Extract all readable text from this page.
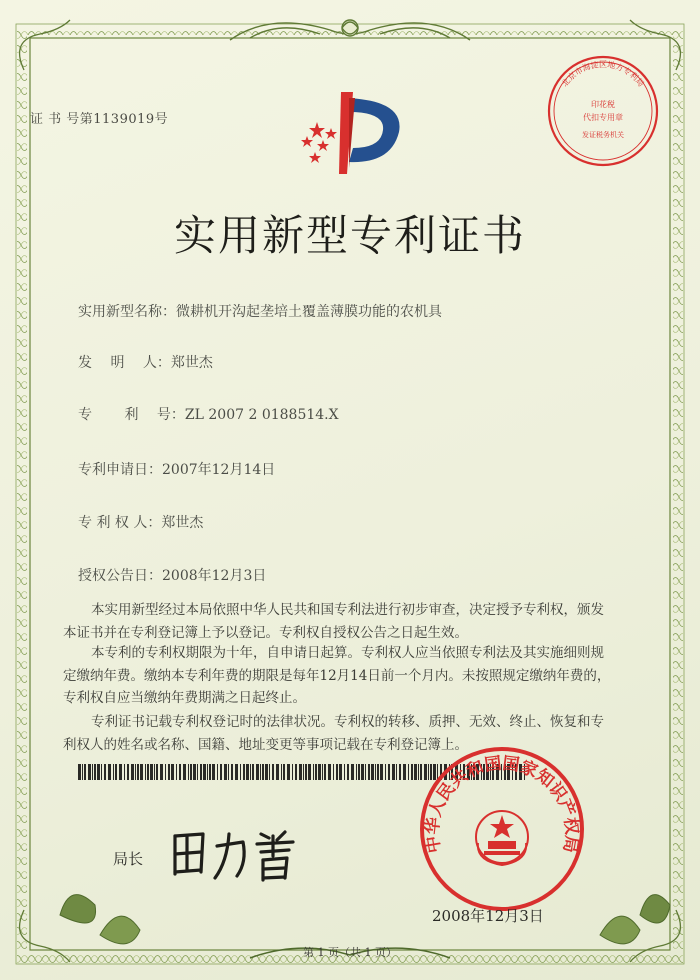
证 书 号第1139019号
北京市海淀区地方专利局
印花税
代扣专用章
发证税务机关
实用新型专利证书
实用新型名称：微耕机开沟起垄培土覆盖薄膜功能的农机具
发　 明　 人：郑世杰
专　　 利　 号：ZL 2007 2 0188514.X
专利申请日：2007年12月14日
专 利 权 人：郑世杰
授权公告日：2008年12月3日
本实用新型经过本局依照中华人民共和国专利法进行初步审查，决定授予专利权，颁发
本证书并在专利登记簿上予以登记。专利权自授权公告之日起生效。
本专利的专利权期限为十年，自申请日起算。专利权人应当依照专利法及其实施细则规
定缴纳年费。缴纳本专利年费的期限是每年12月14日前一个月内。未按照规定缴纳年费的，
专利权自应当缴纳年费期满之日起终止。
专利证书记载专利权登记时的法律状况。专利权的转移、质押、无效、终止、恢复和专
利权人的姓名或名称、国籍、地址变更等事项记载在专利登记簿上。
中华人民共和国国家知识产权局
局长
2008年12月3日
第 1 页（共 1 页）
